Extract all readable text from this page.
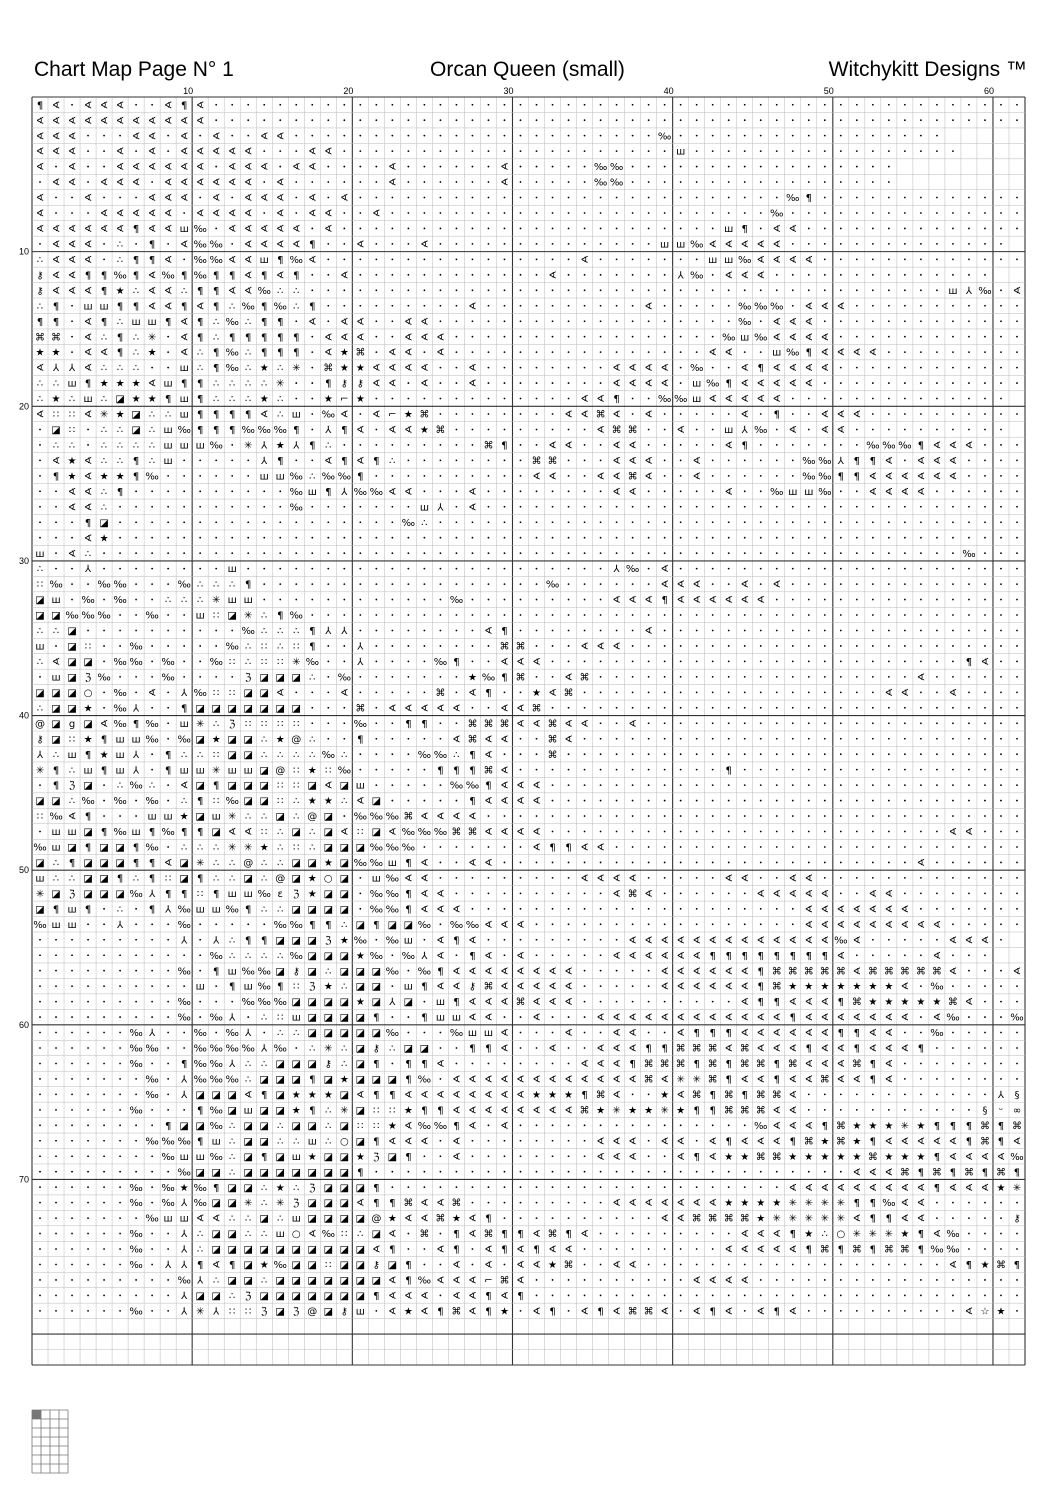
Chart Map Page N° 1	Orcan Queen (small)	Witchykitt Designs ™
10	20	30	40	50	60
10
20
30
40
50
60
70
¶ ∢ ∢ ∢ ∢	∢ ¶ ∢
∢ ∢ ∢ ∢ ∢ ∢ ∢ ∢ ∢ ∢ ∢
∢ ∢ ∢	∢ ∢ ∢ ∢	∢ ∢	‰
∢ ∢ ∢	∢ ∢ ∢ ∢ ∢ ∢ ∢	∢ ∢	ш
∢ ∢	∢ ∢ ∢ ∢ ∢ ∢ ∢ ∢ ∢ ∢ ∢	∢	∢	‰ ‰
∢ ∢ ∢ ∢ ∢ ∢ ∢ ∢ ∢ ∢ ∢ ∢	∢	∢	‰ ‰
∢	∢	∢ ∢ ∢ ∢ ∢ ∢ ∢ ∢ ∢	‰ ¶
∢	∢ ∢ ∢ ∢ ∢ ∢ ∢ ∢ ∢ ∢ ∢ ∢	∢	‰
∢ ∢ ∢ ∢ ∢ ∢ ¶ ∢ ∢ ш ‰ ∢ ∢ ∢ ∢ ∢ ∢	ш ¶ ∢ ∢
∢ ∢ ∢ ∴	¶ ∢ ‰ ‰ ∢ ∢ ∢ ∢ ¶	∢	∢	ш ш ‰ ∢ ∢ ∢ ∢ ∢
∴ ∢ ∢ ∢ ∴ ¶ ¶ ∢ ‰ ‰ ∢ ∢ ш ¶ ‰ ∢	∢	ш ш ‰ ∢ ∢ ∢ ∢
⚷ ∢ ∢ ¶ ¶ ‰ ¶ ∢ ‰ ¶ ‰ ¶ ¶ ∢ ¶ ∢ ¶	∢	∢	⅄ ‰ ∢ ∢ ∢
⚷ ∢ ∢ ∢ ¶ ★ ∴ ∢ ∢ ∴ ¶ ¶ ∢ ∢ ‰ ∴ ∴	ш ⅄ ‰ ∢
∴ ¶ ш ш ¶ ¶ ∢ ∢ ¶ ∢ ¶ ∴ ‰ ¶ ‰ ∴ ¶	∢	∢	‰ ‰ ‰ ∢ ∢ ∢
¶ ¶ ∢ ¶ ∴ ш ш ¶ ∢ ¶ ∴ ‰ ∴ ¶ ¶ ∢ ∢ ∢	∢ ∢	‰ ∢ ∢ ∢
⌘ ⌘ ∢ ∴ ¶ ∴ ✳ ∢ ¶ ∴ ¶ ¶ ¶ ¶ ¶ ∢ ∢ ∢	∢ ∢ ∢	‰ ш ‰ ∢ ∢ ∢ ∢
★ ★ ∢ ∢ ¶ ∴ ★ ∢ ∴ ¶ ‰ ∴ ¶ ¶ ¶ ∢ ★ ⌘ ∢ ∢ ∢	∢ ∢	ш ‰ ¶ ∢ ∢ ∢ ∢
∢ ⅄ ⅄ ∢ ∴ ∴ ∴	ш ∴ ¶ ‰ ∴ ★ ∴ ✳ ⌘ ★ ★ ∢ ∢ ∢ ∢	∢	∢ ∢ ∢ ∢ ‰	∢ ¶ ∢ ∢ ∢ ∢
∴ ∴ ш ¶ ★ ★ ★ ∢ ш ¶ ¶ ∴ ∴ ∴ ∴ ✳	¶ ⚷ ⚷ ∢ ∢ ∢	∢	∢ ∢ ∢ ∢ ш ‰ ¶ ∢ ∢ ∢ ∢ ∢
∴ ★ ∴ ш ∴ ◪ ★ ★ ¶ ш ¶ ∴ ∴ ∴ ★ ∴	★ ⌐ ★	∢ ∢ ¶	‰ ‰ ш ∢ ∢ ∢ ∢ ∢
∢ ∷ ∷ ∢ ✳ ★ ◪ ∴ ∴ ш ¶ ¶ ¶ ¶ ∢ ∴ ш ‰ ∢ ∢ ⌐ ★ ⌘	∢ ∢ ⌘ ∢ ∢	∢ ¶	∢ ∢ ∢
◪ ∷	∴ ∴ ◪ ∴ ш ‰ ¶ ¶ ¶ ‰ ‰ ‰ ¶	⅄ ¶ ∢ ∢ ∢ ★ ⌘	∢ ⌘ ⌘	∢	ш ⅄ ‰ ∢ ∢ ∢
∴ ∴	∴ ∴ ∴ ∴ ш ш ш ‰ ✳ ⅄ ★ ⅄ ¶ ∴	⌘ ¶	∢ ∢	∢ ∢	∢ ¶	‰ ‰ ‰ ¶ ∢ ∢ ∢
∢ ★ ∢ ∴ ∴ ¶ ∴ ш	⅄ ¶	∢ ¶ ∢ ¶ ∴	⌘ ⌘	∢ ∢ ∢	∢	‰ ‰ ⅄ ¶ ¶ ∢ ∢ ∢ ∢
¶ ★ ∢ ★ ★ ¶ ‰	ш ш ‰ ∴ ‰ ‰ ¶	∢ ∢	∢ ∢ ⌘ ∢	∢	‰ ‰ ¶ ¶ ∢ ∢ ∢ ∢ ∢ ∢
∢ ∢ ∴ ¶	‰ ш ¶ ⅄ ‰ ‰ ∢ ∢	∢	∢ ∢	∢	‰ ш ш ‰	∢ ∢ ∢ ∢
∢ ∢ ∴	‰	ш ⅄ ∢
¶ ◪	‰ ∴
∢ ★
ш ∢ ∴	‰
∴	⅄	ш	⅄ ‰ ∢
∷ ‰	‰ ‰	‰ ∴ ∴ ∴ ¶	‰	∢ ∢ ∢	∢ ∢
◪ ш ‰ ‰	∴ ∴ ∴ ✳ ш ш	‰	∢ ∢ ∢ ¶ ∢ ∢ ∢ ∢ ∢ ∢
◪ ◪ ‰ ‰ ‰	‰	ш ∷ ◪ ✳ ∴ ¶ ‰
∴ ∴ ◪	‰ ∴ ∴ ∴ ¶ ⅄ ⅄	∢ ¶	∢
ш ◪ ∷	‰	‰ ∴ ∷ ∴ ∷ ¶	⅄	⌘ ⌘	∢ ∢ ∢
∴ ∢ ◪ ◪ ‰ ‰ ‰	‰ ∷ ∴ ∷ ∷ ✳ ‰	⅄	‰ ¶	∢ ∢ ∢	¶ ∢
ш ◪ ℨ ‰	‰	ℨ ◪ ◪ ◪ ∴ ‰	★ ‰ ¶ ⌘	∢ ⌘	∢
◪ ◪ ◪ ○ ‰ ∢ ⅄ ‰ ∷ ∷ ◪ ◪ ∢	∢	⌘ ∢ ¶	★ ∢ ⌘	∢ ∢	∢
∴ ◪ ◪ ★ ‰ ⅄	¶ ◪ ◪ ◪ ◪ ◪ ◪ ◪	⌘ ∢ ∢ ∢ ∢ ∢	∢ ∢ ⌘
@ ◪ g ◪ ∢ ‰ ¶ ‰ ш ✳ ∴ ℨ ∷ ∷ ∷ ∷	‰	¶ ¶	⌘ ⌘ ⌘ ∢ ∢ ⌘ ∢ ∢	∢
⚷ ◪ ∷ ★ ¶ ш ш ‰ ‰ ◪ ★ ◪ ◪ ∴ ★ @ ∴	¶	∢ ⌘ ∢ ∢	⌘ ∢
⅄ ∴ ш ¶ ★ ш ⅄	¶ ∴ ∴ ∷ ◪ ◪ ∴ ∴ ∴ ∴ ‰ ∴	‰ ‰ ∴ ¶ ∢	⌘
✳ ¶ ∴ ш ¶ ш ⅄	¶ ш ш ✳ ш ш ◪ @ ∷ ★ ∷ ‰	¶ ¶ ¶ ⌘ ∢	¶
¶ ℨ ◪ ∴ ‰ ∴ ∢ ◪ ¶ ◪ ◪ ◪ ∷ ∷ ◪ ∢ ◪ ш	‰ ‰ ¶ ∢ ∢ ∢
◪ ◪ ∴ ‰ ‰ ‰ ∴ ¶ ∷ ‰ ◪ ◪ ∷ ∴ ★ ★ ∴ ∢ ◪	¶ ∢ ∢ ∢ ∢
∷ ‰ ∢ ¶	ш ш ★ ◪ ш ✳ ∴ ∴ ◪ ∴ @ ◪ ‰ ‰ ‰ ⌘ ∢ ∢ ∢ ∢
ш ш ◪ ¶ ‰ ш ¶ ‰ ¶ ¶ ◪ ∢ ∢ ∷ ∴ ◪ ∴ ◪ ∢ ∷ ◪ ∢ ‰ ‰ ‰ ⌘ ⌘ ∢ ∢ ∢ ∢	∢ ∢
‰ ш ◪ ¶ ◪ ◪ ¶ ‰ ∴ ∴ ∴ ✳ ✳ ★ ∴ ∷ ∴ ◪ ◪ ◪ ‰ ‰ ‰	∢ ¶ ¶ ∢ ∢
◪ ∴ ¶ ◪ ◪ ◪ ¶ ¶ ∢ ◪ ✳ ∴ ∴ @ ∴ ∴ ◪ ◪ ★ ◪ ‰ ‰ ш ¶ ∢	∢ ∢	∢
ш ∴ ∴ ◪ ◪ ¶ ∴ ¶ ∷ ◪ ¶ ∴ ∴ ◪ ∴ @ ◪ ★ ○ ◪ ш ‰ ∢ ∢	∢ ∢ ∢ ∢	∢ ∢	∢ ∢
✳ ◪ ℨ ◪ ◪ ◪ ‰ ⅄ ¶ ¶ ∷ ¶ ш ш ‰ ɛ ℨ ★ ◪ ◪ ‰ ‰ ¶ ∢ ∢	∢ ⌘ ∢	∢ ∢ ∢ ∢ ∢	∢ ∢
◪ ¶ ш ¶	∴	¶ ⅄ ‰ ш ш ‰ ¶ ∴ ∴ ◪ ◪ ◪ ◪ ‰ ‰ ¶ ∢ ∢ ∢	∢ ∢ ∢ ∢ ∢ ∢ ∢
‰ ш ш	⅄	‰	‰ ‰ ¶ ¶ ∴ ◪ ¶ ◪ ◪ ‰ ‰ ‰ ∢ ∢ ∢	∢ ∢ ∢ ∢ ∢ ∢ ∢ ∢ ∢
⅄	⅄ ∴ ¶ ¶ ◪ ◪ ◪ ℨ ★ ‰ ‰ ш ∢ ¶ ∢	∢ ∢ ∢ ∢ ∢ ∢ ∢ ∢ ∢ ∢ ∢ ∢ ∢ ‰ ∢	∢ ∢ ∢
‰ ∴ ∴ ∴ ∴ ‰ ◪ ◪ ◪ ★ ‰ ‰ ⅄ ∢ ¶ ∢ ∢	∢ ∢ ∢ ∢ ∢ ∢ ¶ ¶ ¶ ¶ ¶ ¶ ¶ ¶ ∢	∢
‰ ¶ ш ‰ ‰ ◪ ⚷ ◪ ∴ ◪ ◪ ◪ ‰ ‰ ¶ ∢ ∢ ∢ ∢ ∢ ∢ ∢ ∢	∢ ∢ ∢ ∢ ∢ ∢ ¶ ⌘ ⌘ ⌘ ⌘ ⌘ ∢ ⌘ ⌘ ⌘ ⌘ ⌘ ∢	∢
ш ¶ ш ‰ ¶ ∷ ℨ ★ ∴ ◪ ◪ ш ¶ ∢ ∢ ⚷ ⌘ ∢ ∢ ∢ ∢ ∢	∢ ∢ ∢ ∢ ∢ ∢ ¶ ⌘ ★ ★ ★ ★ ★ ★ ★ ∢ ‰
‰	‰ ‰ ‰ ◪ ◪ ◪ ◪ ★ ◪ ⅄ ◪ ш ¶ ∢ ∢ ∢ ⌘ ∢ ∢ ∢	∢ ¶ ¶ ∢ ∢ ∢ ¶ ⌘ ★ ★ ★ ★ ★ ⌘ ∢
‰ ‰ ⅄	∴ ∷ ш ◪ ◪ ◪ ◪ ¶	¶ ш ш ∢ ∢	∢	∢ ∢ ∢ ∢ ∢ ∢ ∢ ∢ ∢ ∢ ∢ ∢ ¶ ∢ ∢ ∢ ∢ ∢ ∢ ∢ ∢ ‰	‰
‰ ⅄	‰ ‰ ⅄	∴ ∴ ◪ ◪ ◪ ◪ ◪ ‰	‰ ш ш ∢	∢	∢ ∢	∢ ¶ ¶ ¶ ∢ ∢ ∢ ∢ ∢ ∢ ¶ ¶ ∢ ∢	‰
‰ ‰	‰ ‰ ‰ ‰ ⅄ ‰ ∴ ✳ ∴ ◪ ⚷ ∴ ◪ ◪	¶ ¶ ∢	∢	∢ ∢ ∢ ¶ ¶ ⌘ ⌘ ⌘ ∢ ⌘ ∢ ∢ ∢ ¶ ∢ ∢ ¶ ∢ ∢ ∢ ¶
‰	¶ ‰ ‰ ⅄ ∴ ∴ ◪ ◪ ◪ ⚷ ∴ ◪ ¶	¶ ¶ ∢	∢ ∢ ∢ ¶ ⌘ ⌘ ⌘ ¶ ⌘ ¶ ⌘ ⌘ ¶ ⌘ ∢ ∢ ∢ ⌘ ¶ ∢
‰ ⅄ ‰ ‰ ‰ ∴ ◪ ◪ ◪ ¶ ◪ ★ ◪ ◪ ◪ ¶ ‰ ∢ ∢ ∢ ∢ ∢ ∢ ∢ ∢ ∢ ∢ ∢ ∢ ⌘ ∢ ✳ ✳ ⌘ ¶ ∢ ∢ ¶ ∢ ∢ ⌘ ∢ ∢ ¶ ∢
‰ ⅄ ◪ ◪ ◪ ∢ ¶ ◪ ★ ★ ★ ◪ ∢ ¶ ¶ ∢ ∢ ∢ ∢ ∢ ∢ ∢ ∢ ★ ★ ★ ¶ ⌘ ∢	★ ∢ ⌘ ¶ ⌘ ¶ ⌘ ⌘ ∢	⅄ §
‰	¶ ‰ ◪ ш ◪ ◪ ★ ¶ ∴ ✳ ◪ ∷ ∷ ★ ¶ ¶ ∢ ∢ ∢ ∢ ∢ ∢ ∢ ∢ ⌘ ★ ✳ ★ ★ ✳ ★ ¶ ¶ ⌘ ⌘ ⌘ ∢ ∢	§ ᵕ ∞
¶ ◪ ◪ ‰ ∴ ◪ ◪ ∴ ◪ ◪ ∴ ◪ ∷ ∷ ★ ∢ ‰ ‰ ¶ ∢ ∢	‰ ∢ ∢ ∢ ¶ ⌘ ★ ★ ★ ✳ ★ ¶ ¶ ¶ ⌘ ¶ ⌘
‰ ‰ ‰ ¶ ш ∴ ◪ ◪ ∴ ∴ ш ∴ ○ ◪ ¶ ∢ ∢ ∢ ∢	∢ ∢ ∢ ∢ ∢ ∢ ¶ ∢ ∢ ∢ ¶ ⌘ ★ ⌘ ★ ¶ ∢ ∢ ∢ ∢ ∢ ¶ ⌘ ¶ ∢
‰ ш ш ‰ ∴ ◪ ¶ ◪ ш ★ ◪ ◪ ★ ℨ ◪ ¶	∢	∢ ∢ ∢	∢ ¶ ∢ ★ ★ ⌘ ⌘ ★ ★ ★ ★ ★ ⌘ ★ ★ ★ ¶ ∢ ∢ ∢ ∢ ‰
‰ ◪ ◪ ∴ ◪ ◪ ◪ ◪ ◪ ◪ ◪ ¶	∢ ∢ ∢ ⌘ ¶ ⌘ ¶ ⌘ ¶ ⌘ ¶
‰ ‰ ★ ‰ ¶ ◪ ◪ ∴ ★ ∴ ℨ ◪ ◪ ◪ ¶	∢ ∢ ∢ ∢ ∢ ∢ ∢ ∢ ∢ ¶ ∢ ∢ ∢ ★ ✳
‰ ‰ ⅄ ‰ ◪ ◪ ✳ ∴ ✳ ℨ ◪ ◪ ◪ ∢ ¶ ¶ ⌘ ∢ ∢ ⌘	∢ ∢ ∢ ∢ ∢ ∢ ∢ ★ ★ ★ ★ ✳ ✳ ✳ ✳ ¶ ¶ ‰ ∢ ∢
‰ ш ш ∢ ∢ ∴ ∴ ◪ ∴ ш ◪ ◪ ◪ ◪ @ ★ ∢ ∢ ⌘ ★ ∢ ¶	∢ ∢ ⌘ ⌘ ⌘ ⌘ ★ ✳ ✳ ✳ ✳ ✳ ∢ ¶ ¶ ∢ ∢	⚷
‰	⅄ ∴ ◪ ◪ ∴ ∴ ш ○ ∢ ‰ ∷ ∴ ◪ ∢ ⌘ ¶ ∢ ⌘ ¶ ¶ ∢ ⌘ ¶ ∢	∢ ∢ ∢ ¶ ★ ∴ ○ ✳ ✳ ✳ ★ ¶ ∢ ‰
‰	⅄ ∴ ◪ ◪ ◪ ◪ ◪ ◪ ◪ ◪ ◪ ◪ ∢ ¶	∢ ¶ ∢ ¶ ∢ ¶ ∢ ∢	∢ ∢ ∢ ∢ ∢ ¶ ⌘ ¶ ⌘ ¶ ⌘ ⌘ ¶ ‰ ‰
‰ ⅄ ⅄ ¶ ∢ ¶ ◪ ★ ‰ ◪ ◪ ∷ ◪ ◪ ⚷ ◪ ¶	∢ ∢ ∢ ∢ ★ ⌘	∢ ∢	∢ ¶ ★ ⌘ ¶
‰ ⅄ ∴ ◪ ◪ ∴ ◪ ◪ ◪ ◪ ◪ ◪ ◪ ∢ ¶ ‰ ∢ ∢ ∢ ⌐ ⌘ ∢	∢ ∢ ∢ ∢
⅄ ◪ ◪ ∴ ℨ ◪ ◪ ◪ ◪ ◪ ◪ ◪ ¶ ∢ ∢ ∢ ∢ ∢ ¶ ∢ ¶
‰	⅄ ✳ ⅄ ∷ ∷ ℨ ◪ ℨ @ ◪ ⚷ ш ∢ ★ ∢ ¶ ⌘ ∢ ¶ ★ ∢ ¶ ∢ ¶ ∢ ⌘ ⌘ ∢ ∢ ¶ ∢ ∢ ¶ ∢	∢ ☆ ★
